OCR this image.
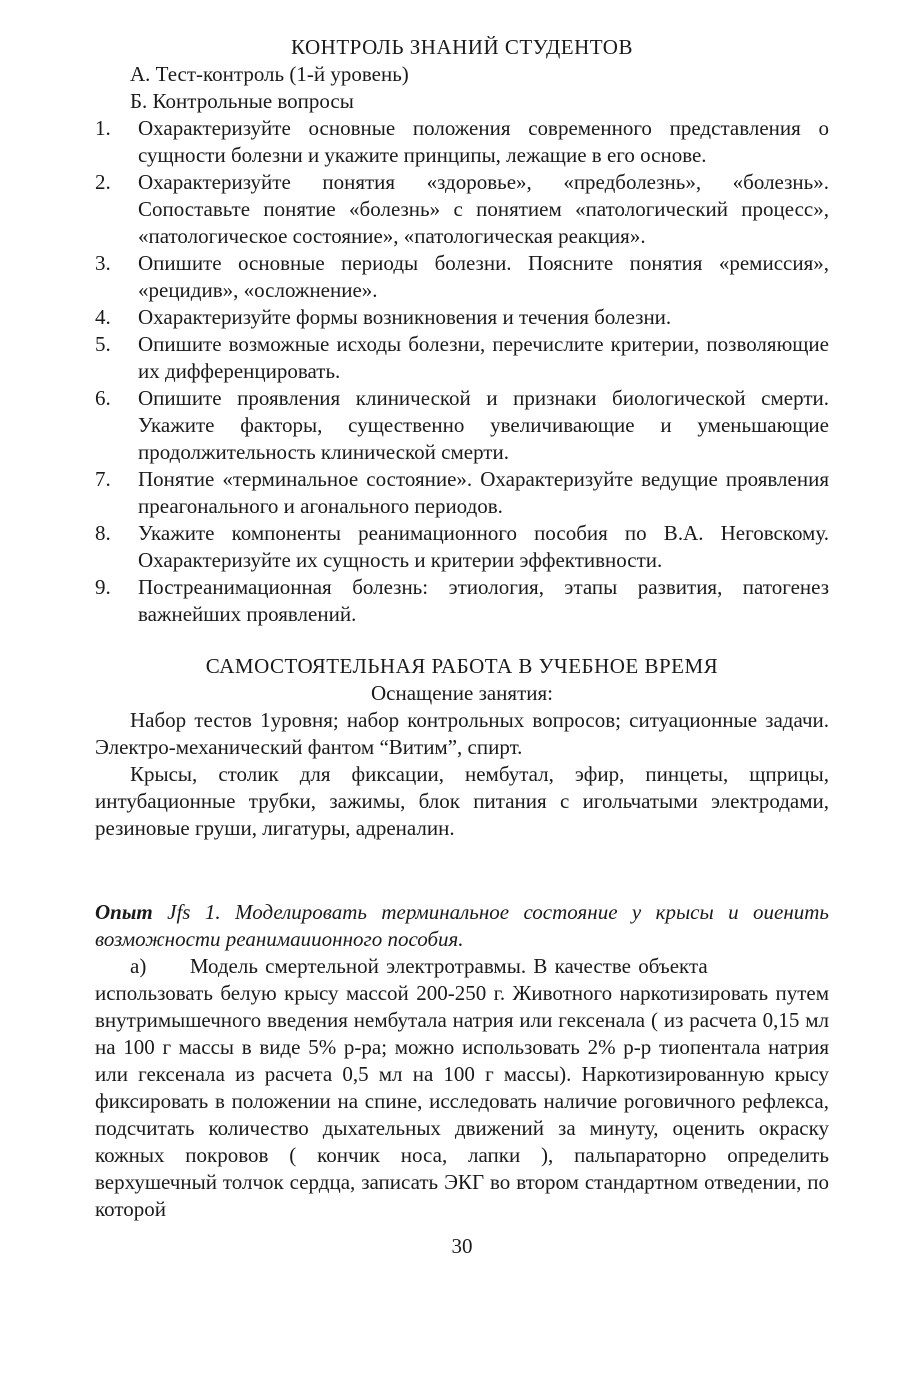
КОНТРОЛЬ ЗНАНИЙ СТУДЕНТОВ
А. Тест-контроль (1-й уровень)
Б. Контрольные вопросы
1. Охарактеризуйте основные положения современного представления о сущности болезни и укажите принципы, лежащие в его основе.
2. Охарактеризуйте понятия «здоровье», «предболезнь», «болезнь». Сопоставьте понятие «болезнь» с понятием «патологический процесс», «патологическое состояние», «патологическая реакция».
3. Опишите основные периоды болезни. Поясните понятия «ремиссия», «рецидив», «осложнение».
4. Охарактеризуйте формы возникновения и течения болезни.
5. Опишите возможные исходы болезни, перечислите критерии, позволяющие их дифференцировать.
6. Опишите проявления клинической и признаки биологической смерти. Укажите факторы, существенно увеличивающие и уменьшающие продолжительность клинической смерти.
7. Понятие «терминальное состояние». Охарактеризуйте ведущие проявления преагонального и агонального периодов.
8. Укажите компоненты реанимационного пособия по В.А. Неговскому. Охарактеризуйте их сущность и критерии эффективности.
9. Постреанимационная болезнь: этиология, этапы развития, патогенез важнейших проявлений.
САМОСТОЯТЕЛЬНАЯ РАБОТА В УЧЕБНОЕ ВРЕМЯ
Оснащение занятия:

Набор тестов 1уровня; набор контрольных вопросов; ситуационные задачи. Электро-механический фантом “Витим”, спирт.

Крысы, столик для фиксации, нембутал, эфир, пинцеты, щприцы, интубационные трубки, зажимы, блок питания с игольчатыми электродами, резиновые груши, лигатуры, адреналин.

Опыт Jfs 1. Моделировать терминальное состояние у крысы и оиенить возможности реанимаиионного пособия.

а)      Модель смертельной электротравмы. В качестве объекта

использовать белую крысу массой 200-250 г. Животного наркотизировать путем внутримышечного введения нембутала натрия или гексенала ( из расчета 0,15 мл на 100 г массы в виде 5% р-ра; можно использовать 2% р-р тиопентала натрия или гексенала из расчета 0,5 мл на 100 г массы). Наркотизированную крысу фиксировать в положении на спине, исследовать наличие роговичного рефлекса, подсчитать количество дыхательных движений за минуту, оценить окраску кожных покровов ( кончик носа, лапки ), пальпараторно определить верхушечный толчок сердца, записать ЭКГ во втором стандартном отведении, по которой

30
